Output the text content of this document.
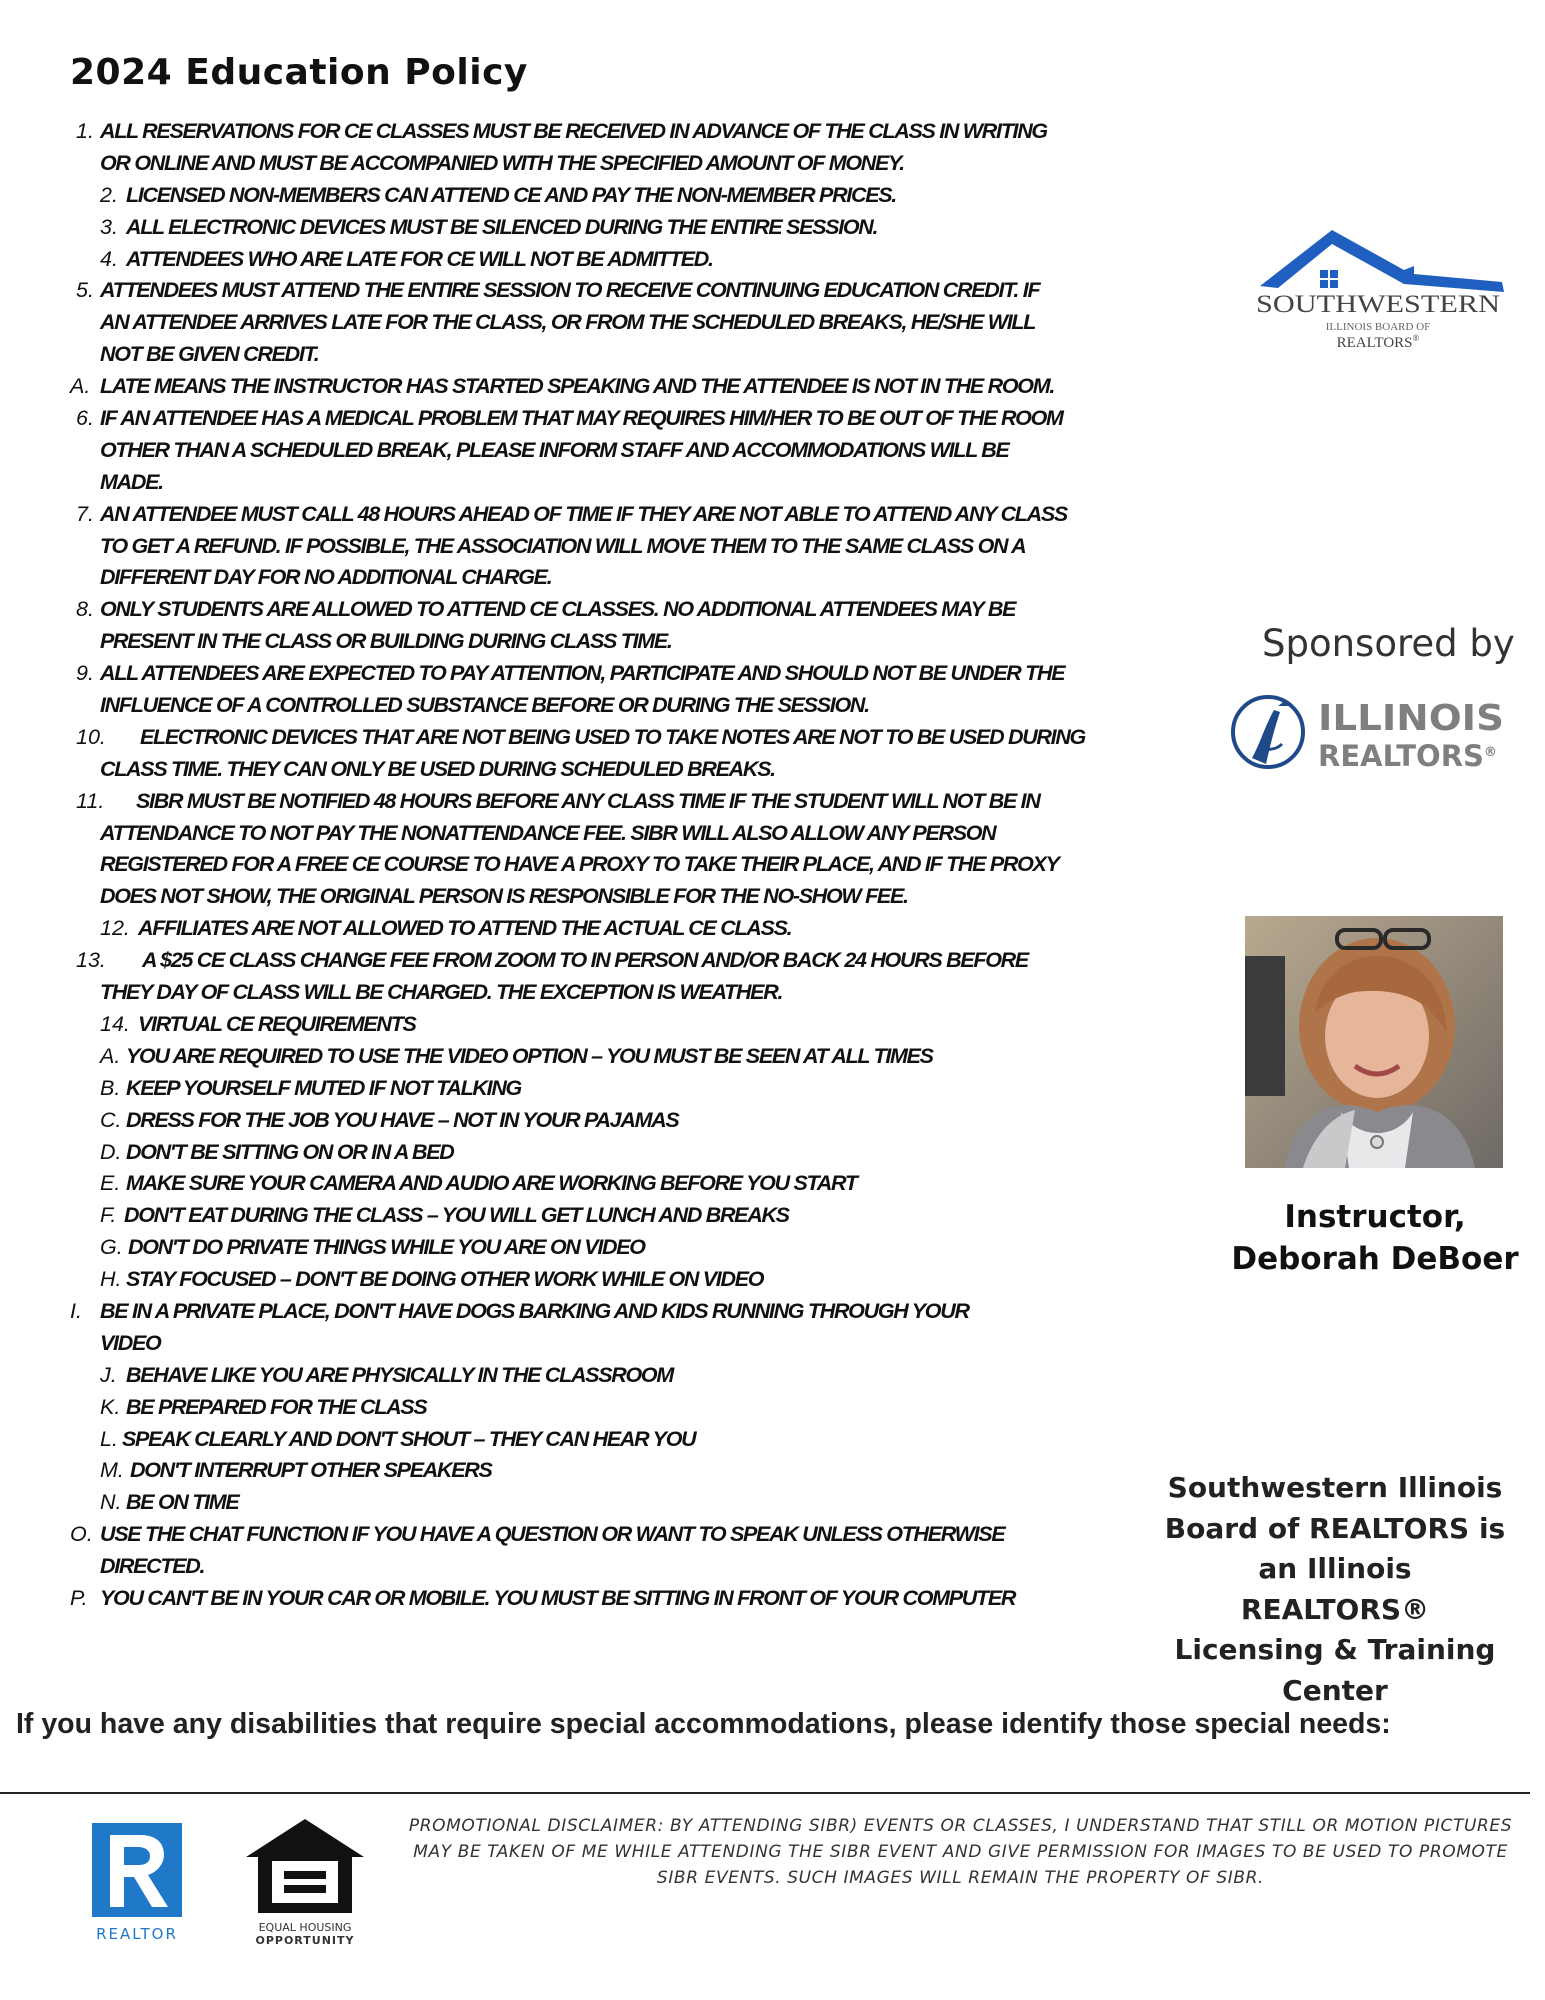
2024 Education Policy
1. ALL RESERVATIONS FOR CE CLASSES MUST BE RECEIVED IN ADVANCE OF THE CLASS IN WRITING
OR ONLINE AND MUST BE ACCOMPANIED WITH THE SPECIFIED AMOUNT OF MONEY.
2. LICENSED NON-MEMBERS CAN ATTEND CE AND PAY THE NON-MEMBER PRICES.
3. ALL ELECTRONIC DEVICES MUST BE SILENCED DURING THE ENTIRE SESSION.
4. ATTENDEES WHO ARE LATE FOR CE WILL NOT BE ADMITTED.
5. ATTENDEES MUST ATTEND THE ENTIRE SESSION TO RECEIVE CONTINUING EDUCATION CREDIT. IF
AN ATTENDEE ARRIVES LATE FOR THE CLASS, OR FROM THE SCHEDULED BREAKS, HE/SHE WILL
NOT BE GIVEN CREDIT.
A. LATE MEANS THE INSTRUCTOR HAS STARTED SPEAKING AND THE ATTENDEE IS NOT IN THE ROOM.
6. IF AN ATTENDEE HAS A MEDICAL PROBLEM THAT MAY REQUIRES HIM/HER TO BE OUT OF THE ROOM
OTHER THAN A SCHEDULED BREAK, PLEASE INFORM STAFF AND ACCOMMODATIONS WILL BE
MADE.
7. AN ATTENDEE MUST CALL 48 HOURS AHEAD OF TIME IF THEY ARE NOT ABLE TO ATTEND ANY CLASS
TO GET A REFUND. IF POSSIBLE, THE ASSOCIATION WILL MOVE THEM TO THE SAME CLASS ON A
DIFFERENT DAY FOR NO ADDITIONAL CHARGE.
8. ONLY STUDENTS ARE ALLOWED TO ATTEND CE CLASSES. NO ADDITIONAL ATTENDEES MAY BE
PRESENT IN THE CLASS OR BUILDING DURING CLASS TIME.
9. ALL ATTENDEES ARE EXPECTED TO PAY ATTENTION, PARTICIPATE AND SHOULD NOT BE UNDER THE
INFLUENCE OF A CONTROLLED SUBSTANCE BEFORE OR DURING THE SESSION.
10. ELECTRONIC DEVICES THAT ARE NOT BEING USED TO TAKE NOTES ARE NOT TO BE USED DURING
CLASS TIME. THEY CAN ONLY BE USED DURING SCHEDULED BREAKS.
11. SIBR MUST BE NOTIFIED 48 HOURS BEFORE ANY CLASS TIME IF THE STUDENT WILL NOT BE IN
ATTENDANCE TO NOT PAY THE NONATTENDANCE FEE. SIBR WILL ALSO ALLOW ANY PERSON
REGISTERED FOR A FREE CE COURSE TO HAVE A PROXY TO TAKE THEIR PLACE, AND IF THE PROXY
DOES NOT SHOW, THE ORIGINAL PERSON IS RESPONSIBLE FOR THE NO-SHOW FEE.
12. AFFILIATES ARE NOT ALLOWED TO ATTEND THE ACTUAL CE CLASS.
13. A $25 CE CLASS CHANGE FEE FROM ZOOM TO IN PERSON AND/OR BACK 24 HOURS BEFORE
THEY DAY OF CLASS WILL BE CHARGED. THE EXCEPTION IS WEATHER.
14. VIRTUAL CE REQUIREMENTS
A. YOU ARE REQUIRED TO USE THE VIDEO OPTION – YOU MUST BE SEEN AT ALL TIMES
B. KEEP YOURSELF MUTED IF NOT TALKING
C. DRESS FOR THE JOB YOU HAVE – NOT IN YOUR PAJAMAS
D. DON'T BE SITTING ON OR IN A BED
E. MAKE SURE YOUR CAMERA AND AUDIO ARE WORKING BEFORE YOU START
F. DON'T EAT DURING THE CLASS – YOU WILL GET LUNCH AND BREAKS
G. DON'T DO PRIVATE THINGS WHILE YOU ARE ON VIDEO
H. STAY FOCUSED – DON'T BE DOING OTHER WORK WHILE ON VIDEO
I. BE IN A PRIVATE PLACE, DON'T HAVE DOGS BARKING AND KIDS RUNNING THROUGH YOUR
VIDEO
J. BEHAVE LIKE YOU ARE PHYSICALLY IN THE CLASSROOM
K. BE PREPARED FOR THE CLASS
L. SPEAK CLEARLY AND DON'T SHOUT – THEY CAN HEAR YOU
M. DON'T INTERRUPT OTHER SPEAKERS
N. BE ON TIME
O. USE THE CHAT FUNCTION IF YOU HAVE A QUESTION OR WANT TO SPEAK UNLESS OTHERWISE
DIRECTED.
P. YOU CAN'T BE IN YOUR CAR OR MOBILE. YOU MUST BE SITTING IN FRONT OF YOUR COMPUTER
SOUTHWESTERN
ILLINOIS BOARD OF
REALTORS®
Sponsored by
ILLINOIS
REALTORS®
Instructor,
Deborah DeBoer
Southwestern Illinois
Board of REALTORS is
an Illinois REALTORS®
Licensing & Training
Center
If you have any disabilities that require special accommodations, please identify those special needs:
REALTOR	EQUAL HOUSING
OPPORTUNITY
PROMOTIONAL DISCLAIMER: BY ATTENDING SIBR) EVENTS OR CLASSES, I UNDERSTAND THAT STILL OR MOTION PICTURES
MAY BE TAKEN OF ME WHILE ATTENDING THE SIBR EVENT AND GIVE PERMISSION FOR IMAGES TO BE USED TO PROMOTE
SIBR EVENTS. SUCH IMAGES WILL REMAIN THE PROPERTY OF SIBR.
